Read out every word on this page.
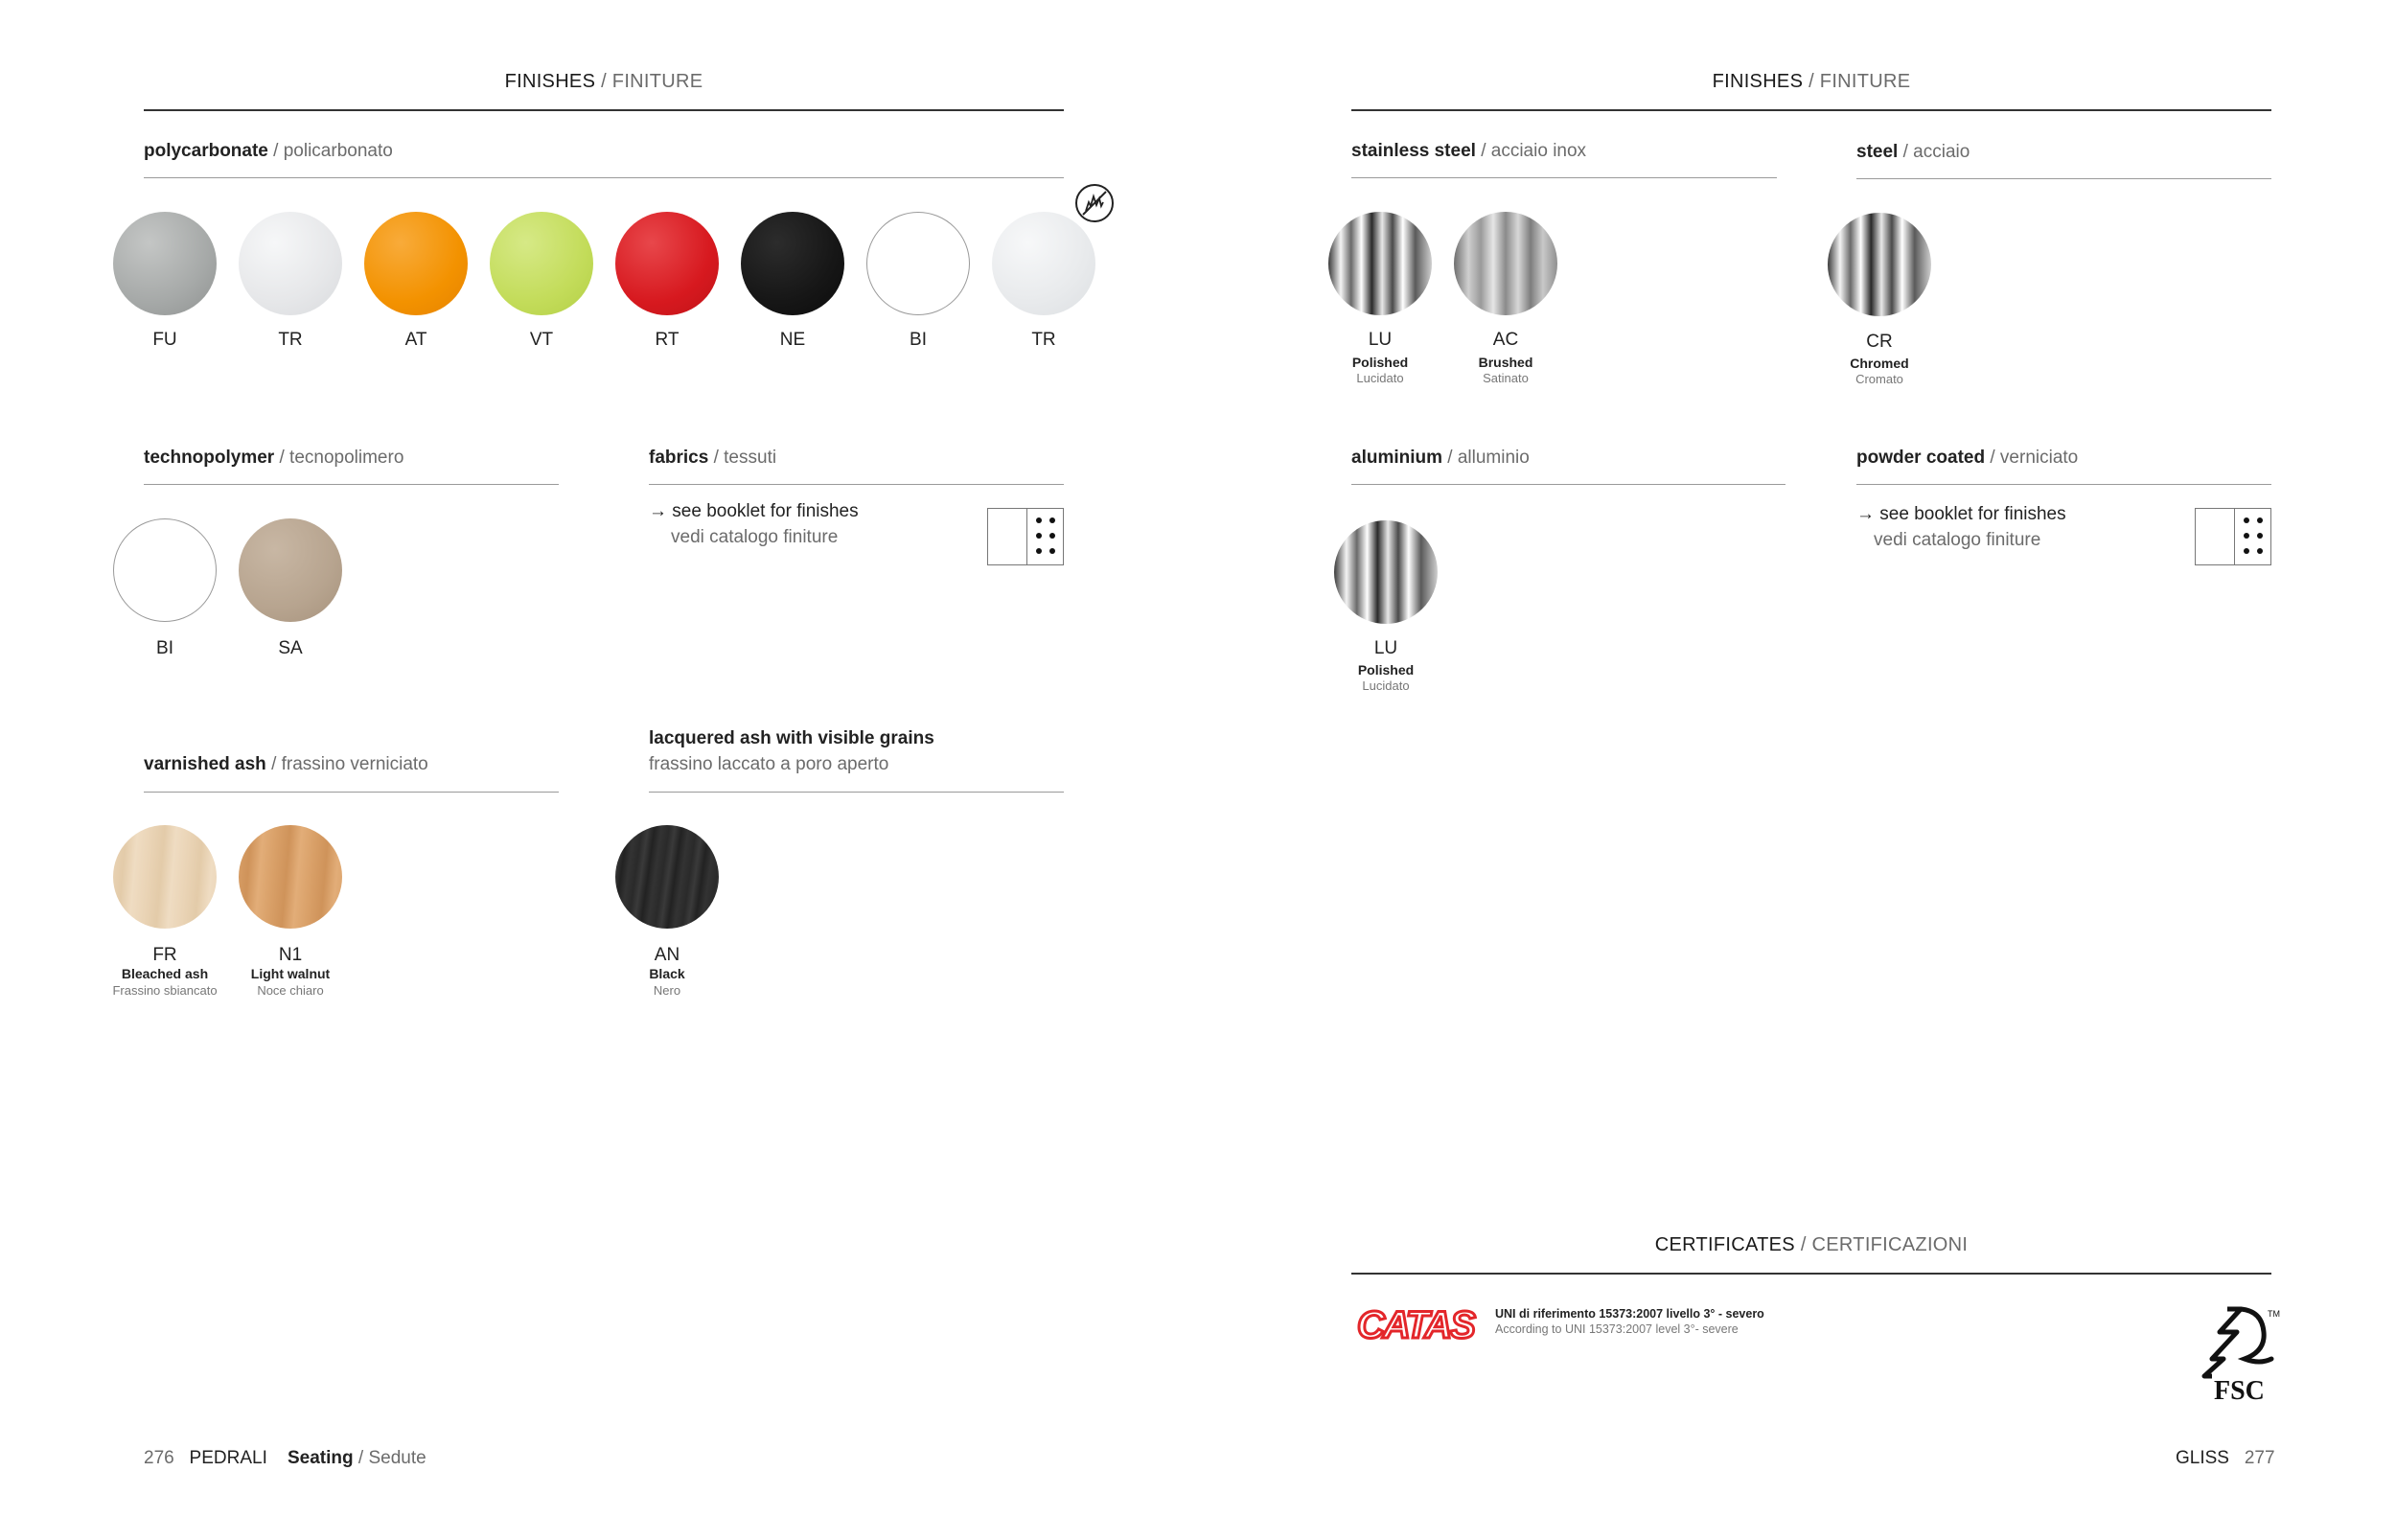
FINISHES / FINITURE
polycarbonate / policarbonato
FU	TR	AT	VT	RT	NE	BI	TR
technopolymer / tecnopolimero
BI	SA
fabrics / tessuti
→ see booklet for finishes
vedi catalogo finiture
varnished ash / frassino verniciato
FR
Bleached ash
Frassino sbiancato
N1
Light walnut
Noce chiaro
lacquered ash with visible grains
frassino laccato a poro aperto
AN
Black
Nero
276 PEDRALI Seating / Sedute
FINISHES / FINITURE
stainless steel / acciaio inox
LU
Polished
Lucidato
AC
Brushed
Satinato
steel / acciaio
CR
Chromed
Cromato
aluminium / alluminio
LU
Polished
Lucidato
powder coated / verniciato
→ see booklet for finishes
vedi catalogo finiture
CERTIFICATES / CERTIFICAZIONI
CATAS UNI di riferimento 15373:2007 livello 3° - severo
According to UNI 15373:2007 level 3°- severe
TM
FSC
GLISS 277
